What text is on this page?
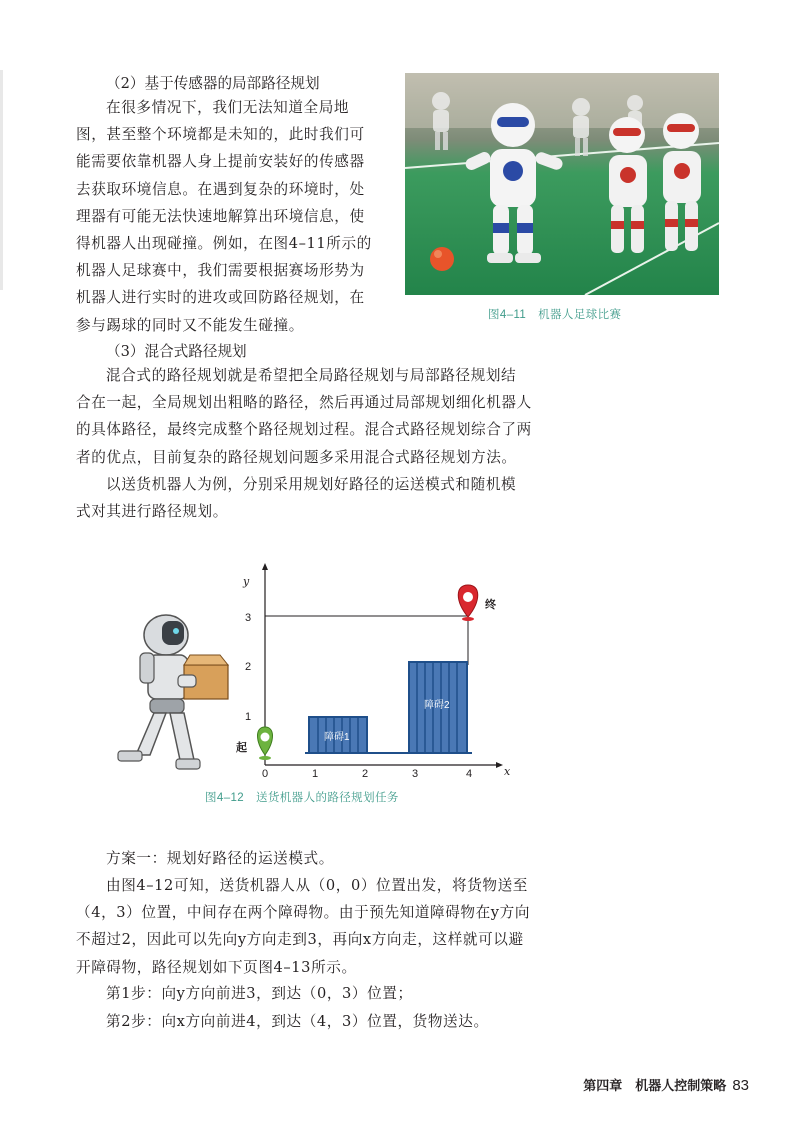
（2）基于传感器的局部路径规划
在很多情况下，我们无法知道全局地
图，甚至整个环境都是未知的，此时我们可
能需要依靠机器人身上提前安装好的传感器
去获取环境信息。在遇到复杂的环境时，处
理器有可能无法快速地解算出环境信息，使
得机器人出现碰撞。例如，在图4–11所示的
机器人足球赛中，我们需要根据赛场形势为
机器人进行实时的进攻或回防路径规划，在
参与踢球的同时又不能发生碰撞。
图4–11　机器人足球比赛
（3）混合式路径规划
混合式的路径规划就是希望把全局路径规划与局部路径规划结
合在一起，全局规划出粗略的路径，然后再通过局部规划细化机器人
的具体路径，最终完成整个路径规划过程。混合式路径规划综合了两
者的优点，目前复杂的路径规划问题多采用混合式路径规划方法。
以送货机器人为例，分别采用规划好路径的运送模式和随机模
式对其进行路径规划。
x
y
0	1	2	3	4
1
2
3
障碍1
障碍2
起
终
图4–12　送货机器人的路径规划任务
方案一：规划好路径的运送模式。
由图4–12可知，送货机器人从（0，0）位置出发，将货物送至
（4，3）位置，中间存在两个障碍物。由于预先知道障碍物在y方向
不超过2，因此可以先向y方向走到3，再向x方向走，这样就可以避
开障碍物，路径规划如下页图4–13所示。
第1步：向y方向前进3，到达（0，3）位置；
第2步：向x方向前进4，到达（4，3）位置，货物送达。
第四章　机器人控制策略 83
